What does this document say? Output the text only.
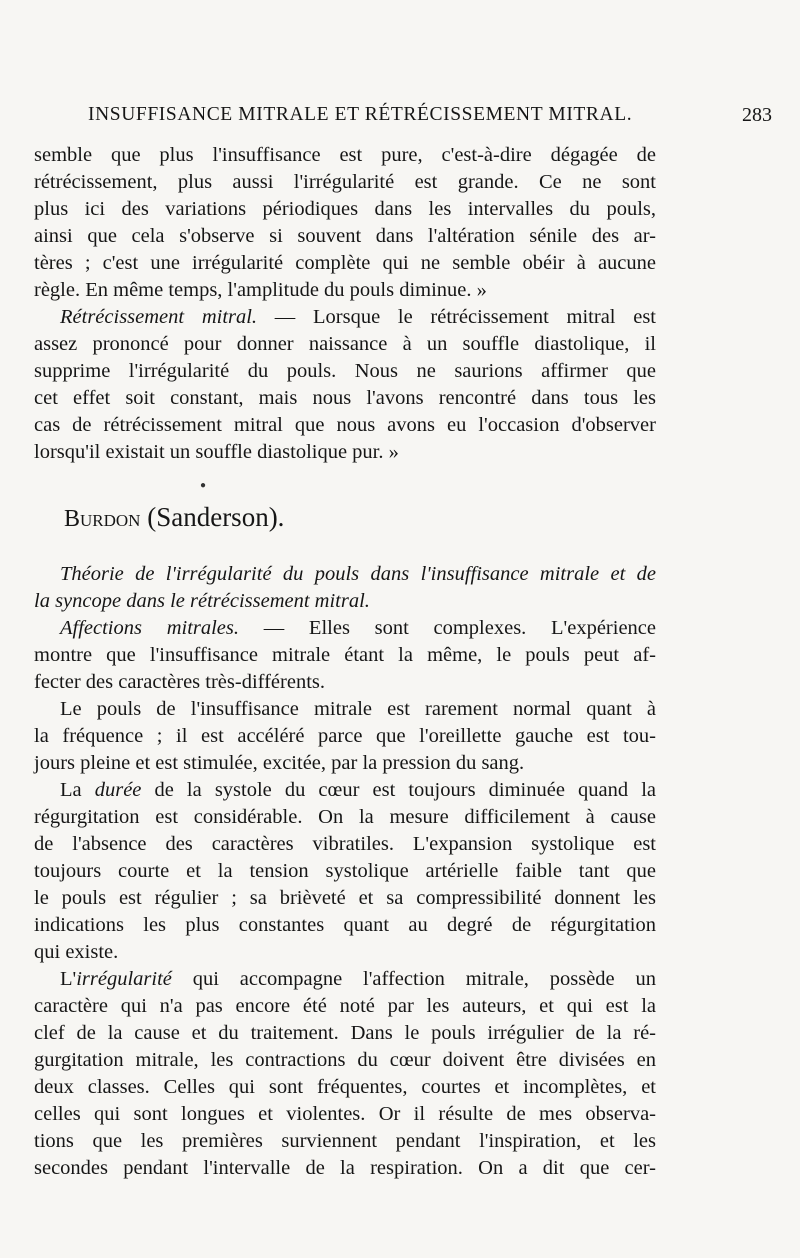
INSUFFISANCE MITRALE ET RÉTRÉCISSEMENT MITRAL.	283
semble que plus l'insuffisance est pure, c'est-à-dire dégagée de
rétrécissement, plus aussi l'irrégularité est grande. Ce ne sont
plus ici des variations périodiques dans les intervalles du pouls,
ainsi que cela s'observe si souvent dans l'altération sénile des ar-
tères ; c'est une irrégularité complète qui ne semble obéir à aucune
règle. En même temps, l'amplitude du pouls diminue. »
Rétrécissement mitral. — Lorsque le rétrécissement mitral est
assez prononcé pour donner naissance à un souffle diastolique, il
supprime l'irrégularité du pouls. Nous ne saurions affirmer que
cet effet soit constant, mais nous l'avons rencontré dans tous les
cas de rétrécissement mitral que nous avons eu l'occasion d'observer
lorsqu'il existait un souffle diastolique pur. »
●
Burdon (Sanderson).
Théorie de l'irrégularité du pouls dans l'insuffisance mitrale et de
la syncope dans le rétrécissement mitral.
Affections mitrales. — Elles sont complexes. L'expérience
montre que l'insuffisance mitrale étant la même, le pouls peut af-
fecter des caractères très-différents.
Le pouls de l'insuffisance mitrale est rarement normal quant à
la fréquence ; il est accéléré parce que l'oreillette gauche est tou-
jours pleine et est stimulée, excitée, par la pression du sang.
La durée de la systole du cœur est toujours diminuée quand la
régurgitation est considérable. On la mesure difficilement à cause
de l'absence des caractères vibratiles. L'expansion systolique est
toujours courte et la tension systolique artérielle faible tant que
le pouls est régulier ; sa brièveté et sa compressibilité donnent les
indications les plus constantes quant au degré de régurgitation
qui existe.
L'irrégularité qui accompagne l'affection mitrale, possède un
caractère qui n'a pas encore été noté par les auteurs, et qui est la
clef de la cause et du traitement. Dans le pouls irrégulier de la ré-
gurgitation mitrale, les contractions du cœur doivent être divisées en
deux classes. Celles qui sont fréquentes, courtes et incomplètes, et
celles qui sont longues et violentes. Or il résulte de mes observa-
tions que les premières surviennent pendant l'inspiration, et les
secondes pendant l'intervalle de la respiration. On a dit que cer-
